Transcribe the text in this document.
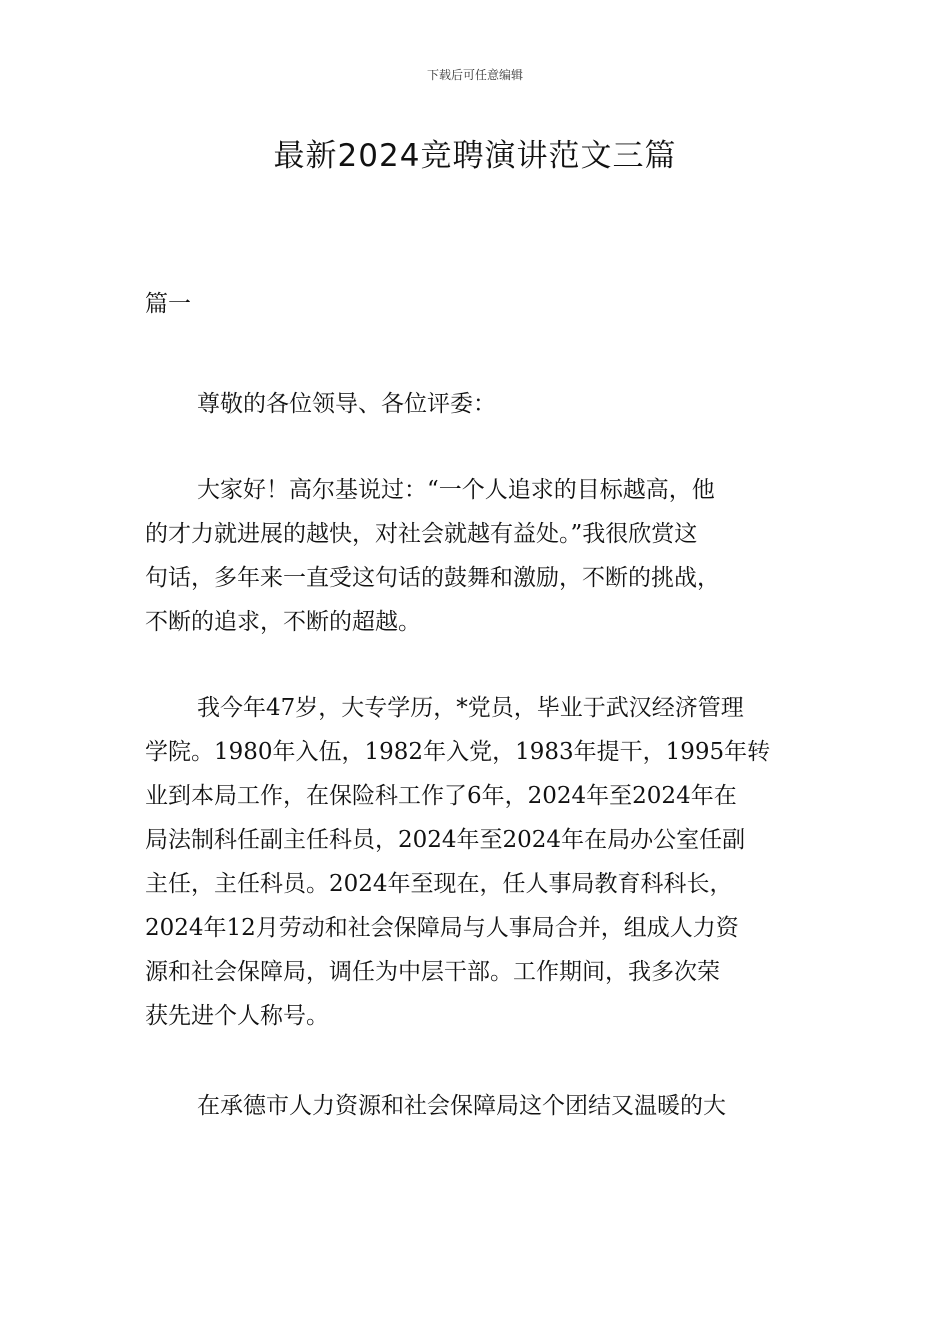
下载后可任意编辑
最新2024竞聘演讲范文三篇
篇一
尊敬的各位领导、各位评委：
大家好！高尔基说过：“一个人追求的目标越高，他
的才力就进展的越快，对社会就越有益处。”我很欣赏这
句话，多年来一直受这句话的鼓舞和激励，不断的挑战，
不断的追求，不断的超越。
我今年47岁，大专学历，*党员，毕业于武汉经济管理
学院。1980年入伍，1982年入党，1983年提干，1995年转
业到本局工作，在保险科工作了6年，2024年至2024年在
局法制科任副主任科员，2024年至2024年在局办公室任副
主任，主任科员。2024年至现在，任人事局教育科科长，
2024年12月劳动和社会保障局与人事局合并，组成人力资
源和社会保障局，调任为中层干部。工作期间，我多次荣
获先进个人称号。
在承德市人力资源和社会保障局这个团结又温暖的大
